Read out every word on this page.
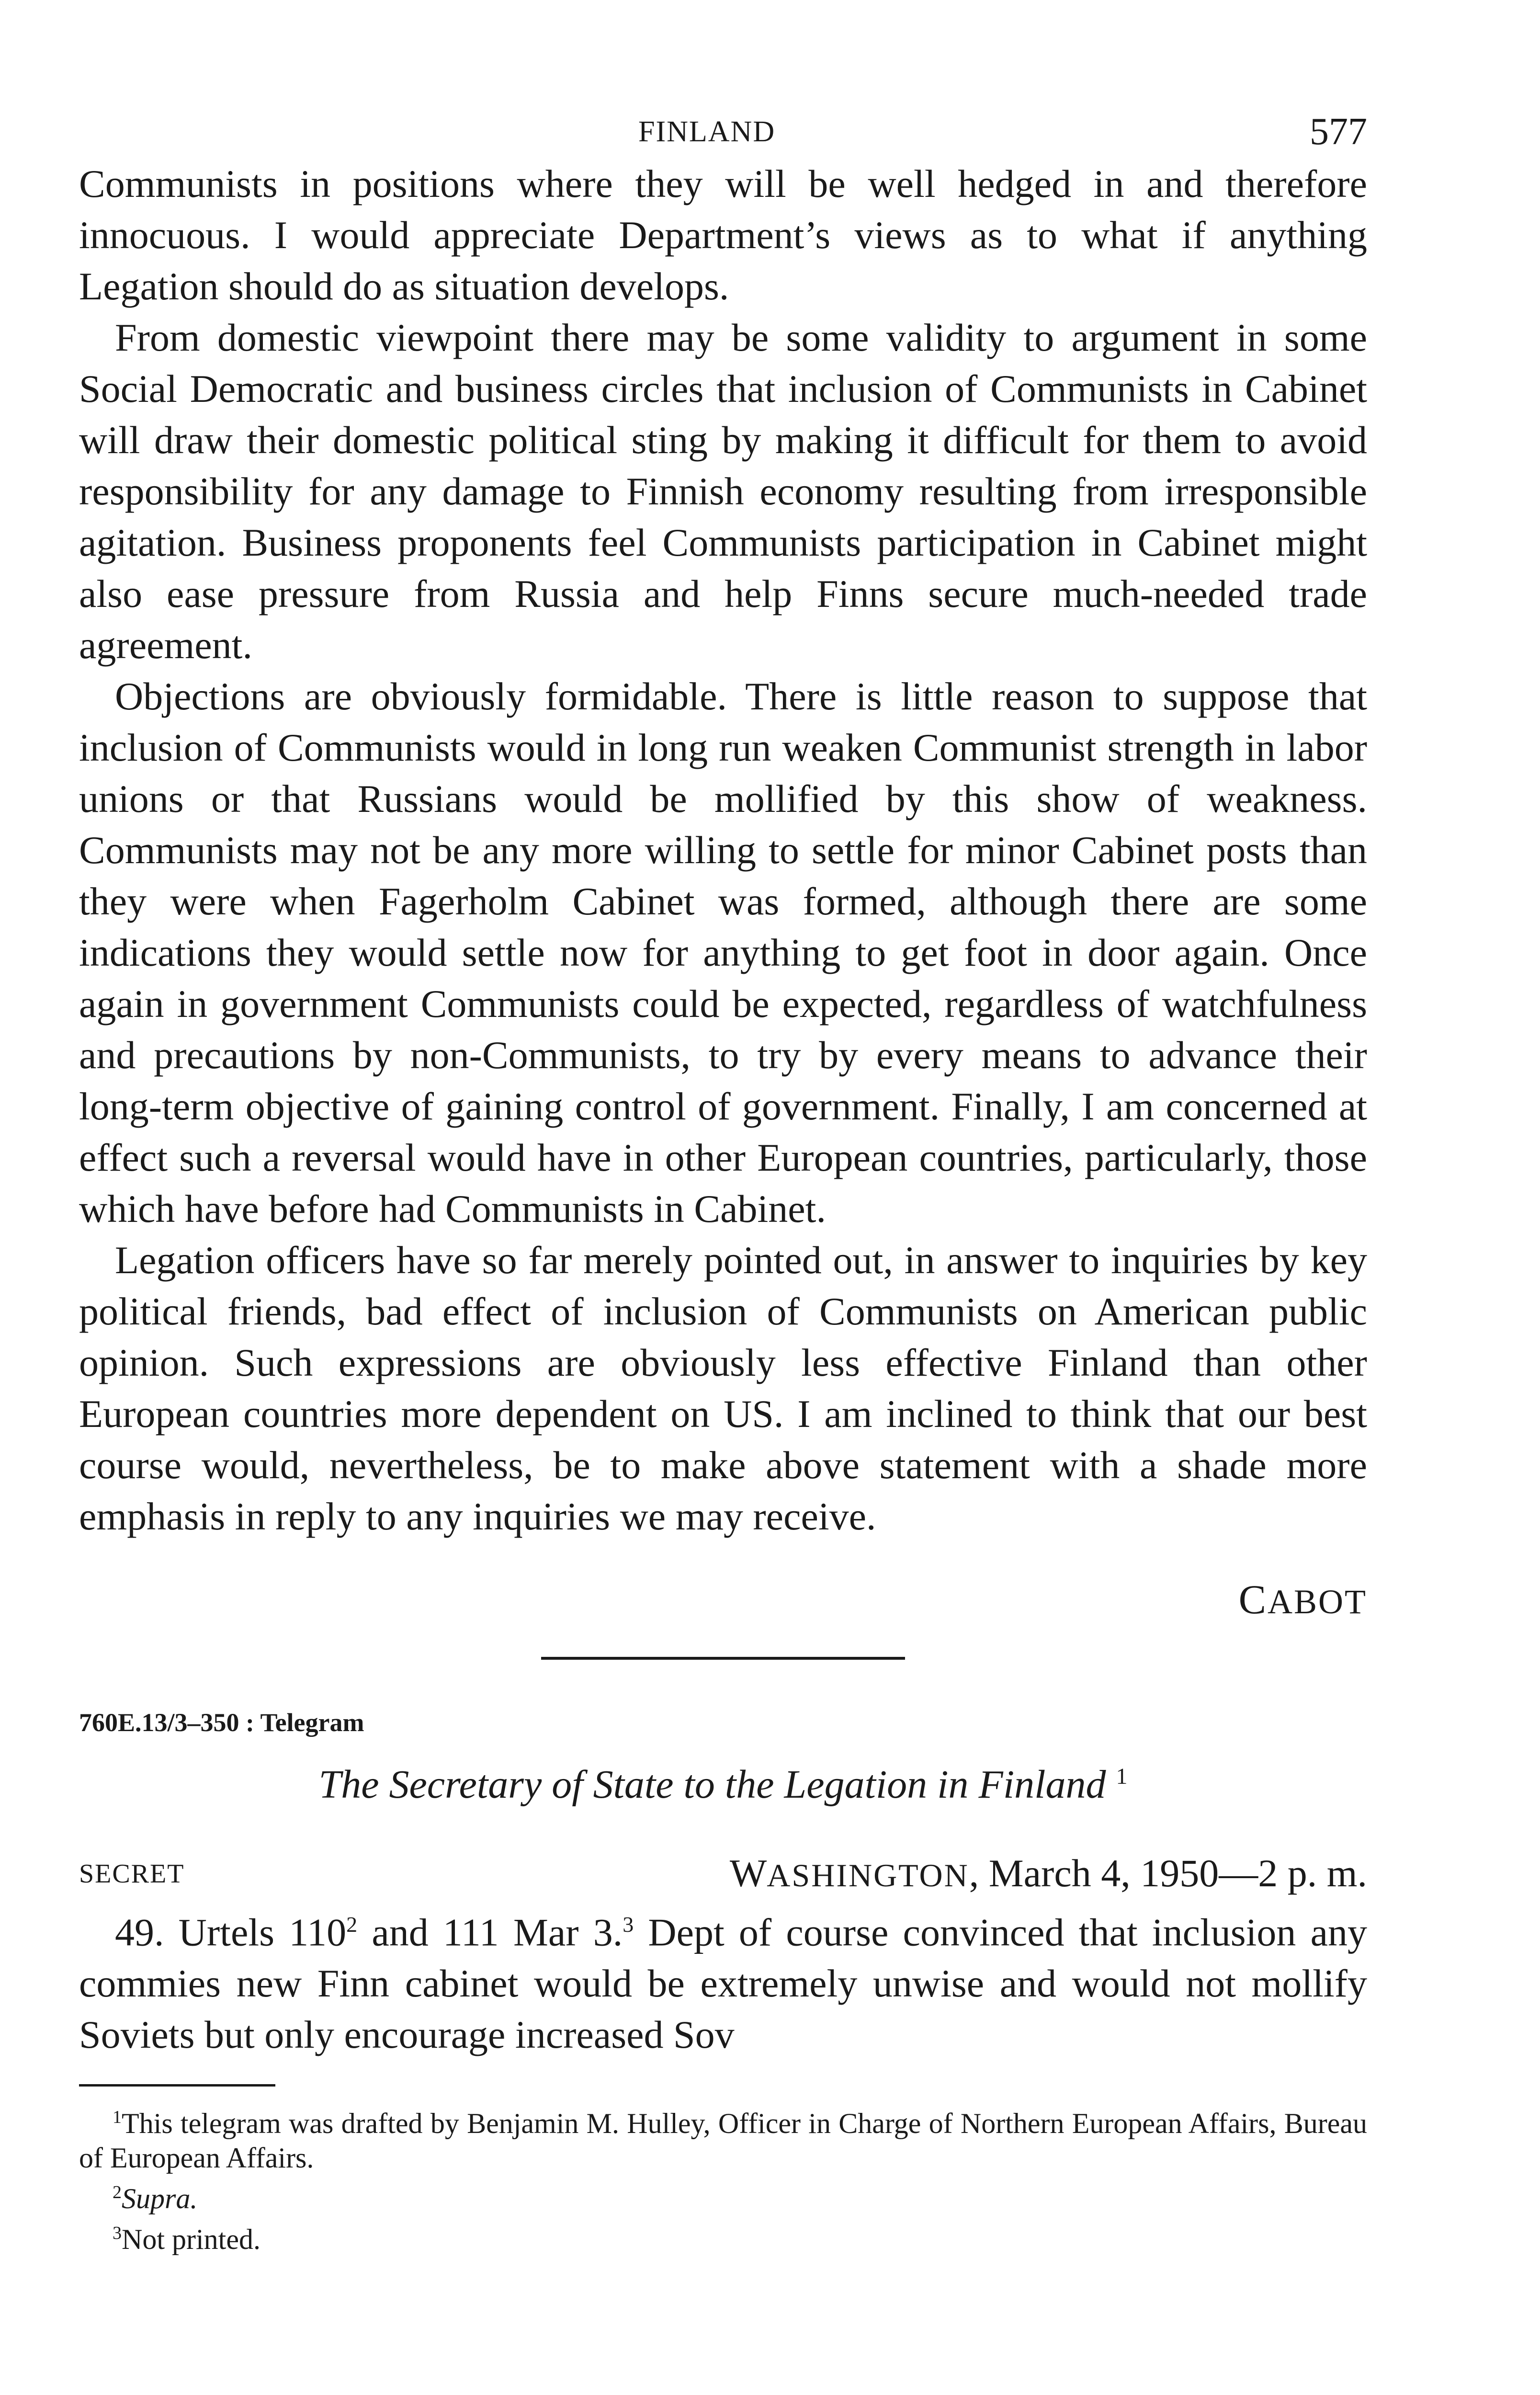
FINLAND	577

Communists in positions where they will be well hedged in and therefore innocuous. I would appreciate Department’s views as to what if anything Legation should do as situation develops.

From domestic viewpoint there may be some validity to argument in some Social Democratic and business circles that inclusion of Communists in Cabinet will draw their domestic political sting by making it difficult for them to avoid responsibility for any damage to Finnish economy resulting from irresponsible agitation. Business proponents feel Communists participation in Cabinet might also ease pressure from Russia and help Finns secure much-needed trade agreement.

Objections are obviously formidable. There is little reason to suppose that inclusion of Communists would in long run weaken Communist strength in labor unions or that Russians would be mollified by this show of weakness. Communists may not be any more willing to settle for minor Cabinet posts than they were when Fagerholm Cabinet was formed, although there are some indications they would settle now for anything to get foot in door again. Once again in government Communists could be expected, regardless of watchfulness and precautions by non-Communists, to try by every means to advance their long-term objective of gaining control of government. Finally, I am concerned at effect such a reversal would have in other European countries, particularly, those which have before had Communists in Cabinet.

Legation officers have so far merely pointed out, in answer to inquiries by key political friends, bad effect of inclusion of Communists on American public opinion. Such expressions are obviously less effective Finland than other European countries more dependent on US. I am inclined to think that our best course would, nevertheless, be to make above statement with a shade more emphasis in reply to any inquiries we may receive.

CABOT
760E.13/3–350 : Telegram
The Secretary of State to the Legation in Finland $^1$
SECRET	WASHINGTON, March 4, 1950—2 p. m.

49. Urtels $110^2$ and 111 Mar 3.$^3$ Dept of course convinced that inclusion any commies new Finn cabinet would be extremely unwise and would not mollify Soviets but only encourage increased Sov

$^1$This telegram was drafted by Benjamin M. Hulley, Officer in Charge of Northern European Affairs, Bureau of European Affairs.
$^2$Supra.
$^3$Not printed.
